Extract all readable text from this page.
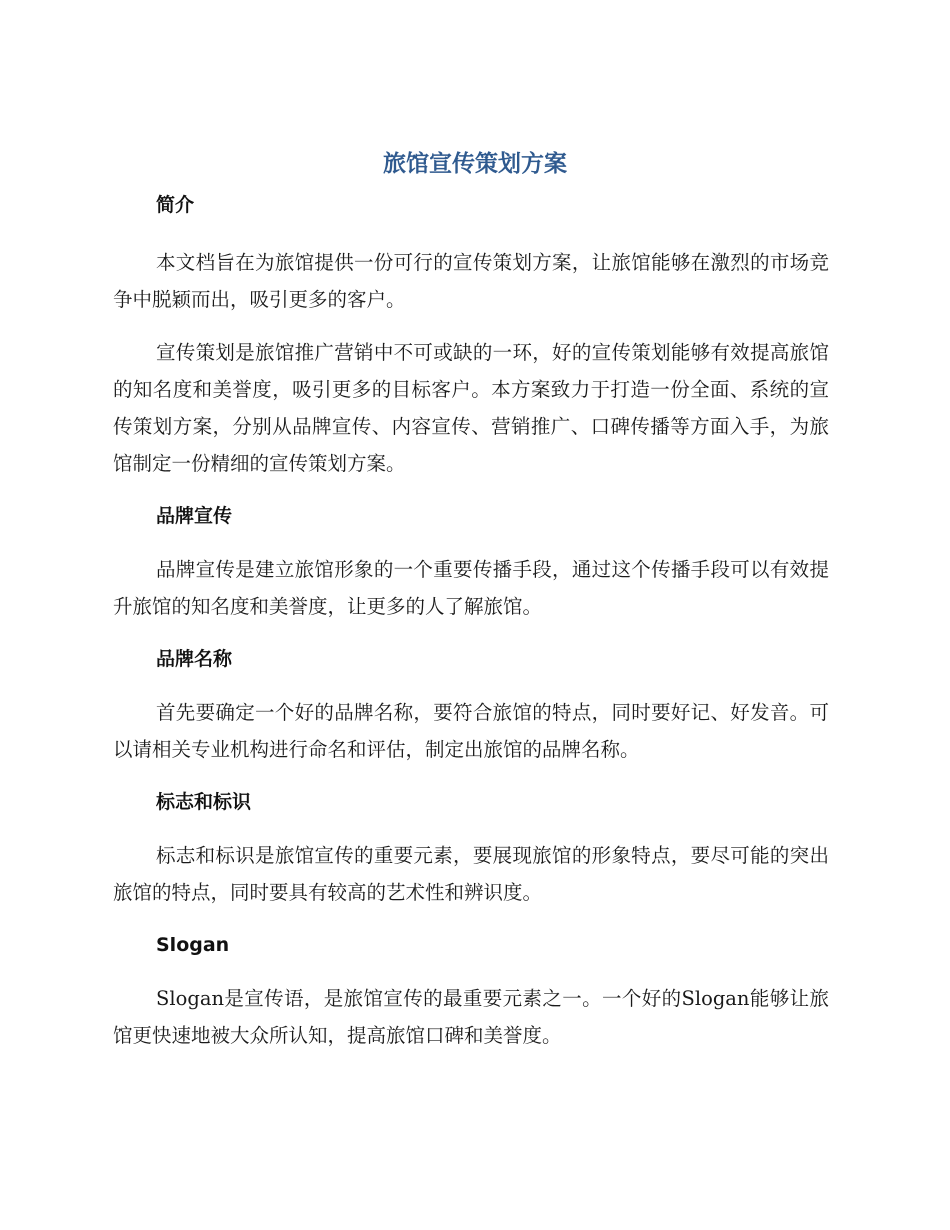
旅馆宣传策划方案
简介

本文档旨在为旅馆提供一份可行的宣传策划方案，让旅馆能够在激烈的市场竞争中脱颖而出，吸引更多的客户。

宣传策划是旅馆推广营销中不可或缺的一环，好的宣传策划能够有效提高旅馆的知名度和美誉度，吸引更多的目标客户。本方案致力于打造一份全面、系统的宣传策划方案，分别从品牌宣传、内容宣传、营销推广、口碑传播等方面入手，为旅馆制定一份精细的宣传策划方案。

品牌宣传

品牌宣传是建立旅馆形象的一个重要传播手段，通过这个传播手段可以有效提升旅馆的知名度和美誉度，让更多的人了解旅馆。

品牌名称

首先要确定一个好的品牌名称，要符合旅馆的特点，同时要好记、好发音。可以请相关专业机构进行命名和评估，制定出旅馆的品牌名称。

标志和标识

标志和标识是旅馆宣传的重要元素，要展现旅馆的形象特点，要尽可能的突出旅馆的特点，同时要具有较高的艺术性和辨识度。

Slogan

Slogan是宣传语，是旅馆宣传的最重要元素之一。一个好的Slogan能够让旅馆更快速地被大众所认知，提高旅馆口碑和美誉度。
